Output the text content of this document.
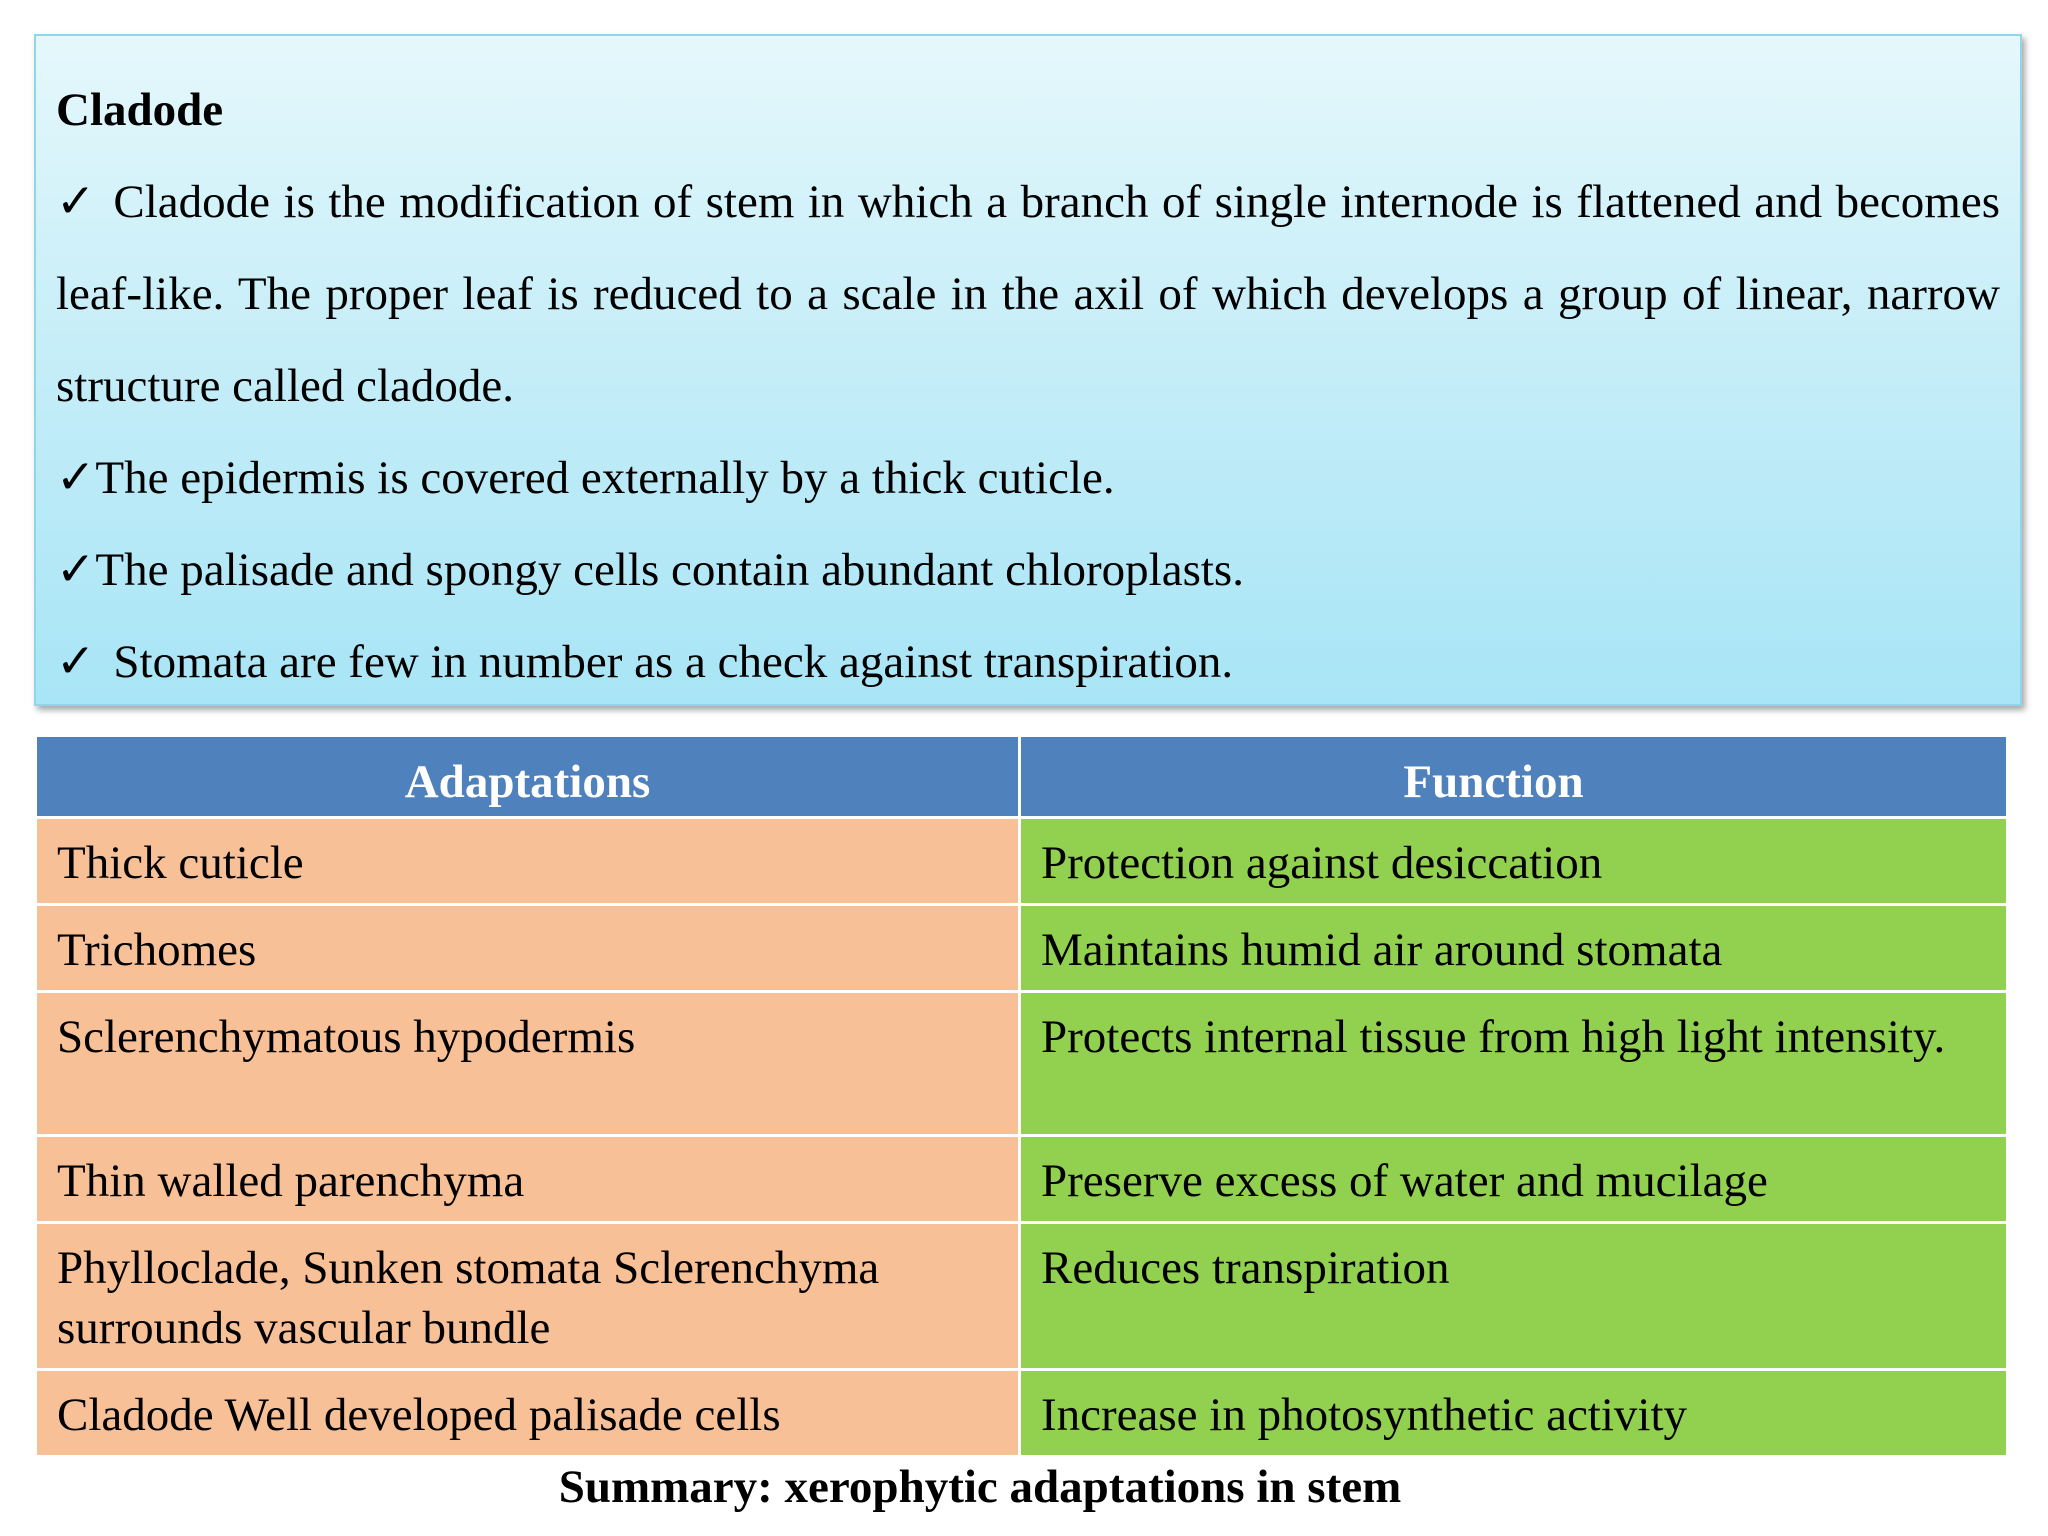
Cladode
✓ Cladode is the modification of stem in which a branch of single internode is flattened and becomes leaf-like. The proper leaf is reduced to a scale in the axil of which develops a group of linear, narrow structure called cladode.
✓The epidermis is covered externally by a thick cuticle.
✓The palisade and spongy cells contain abundant chloroplasts.
✓ Stomata are few in number as a check against transpiration.
Adaptations	Function
Thick cuticle	Protection against desiccation
Trichomes	Maintains humid air around stomata
Sclerenchymatous hypodermis	Protects internal tissue from high light intensity.
Thin walled parenchyma	Preserve excess of water and mucilage
Phylloclade, Sunken stomata Sclerenchyma surrounds vascular bundle	Reduces transpiration
Cladode Well developed palisade cells	Increase in photosynthetic activity
Summary: xerophytic adaptations in stem
